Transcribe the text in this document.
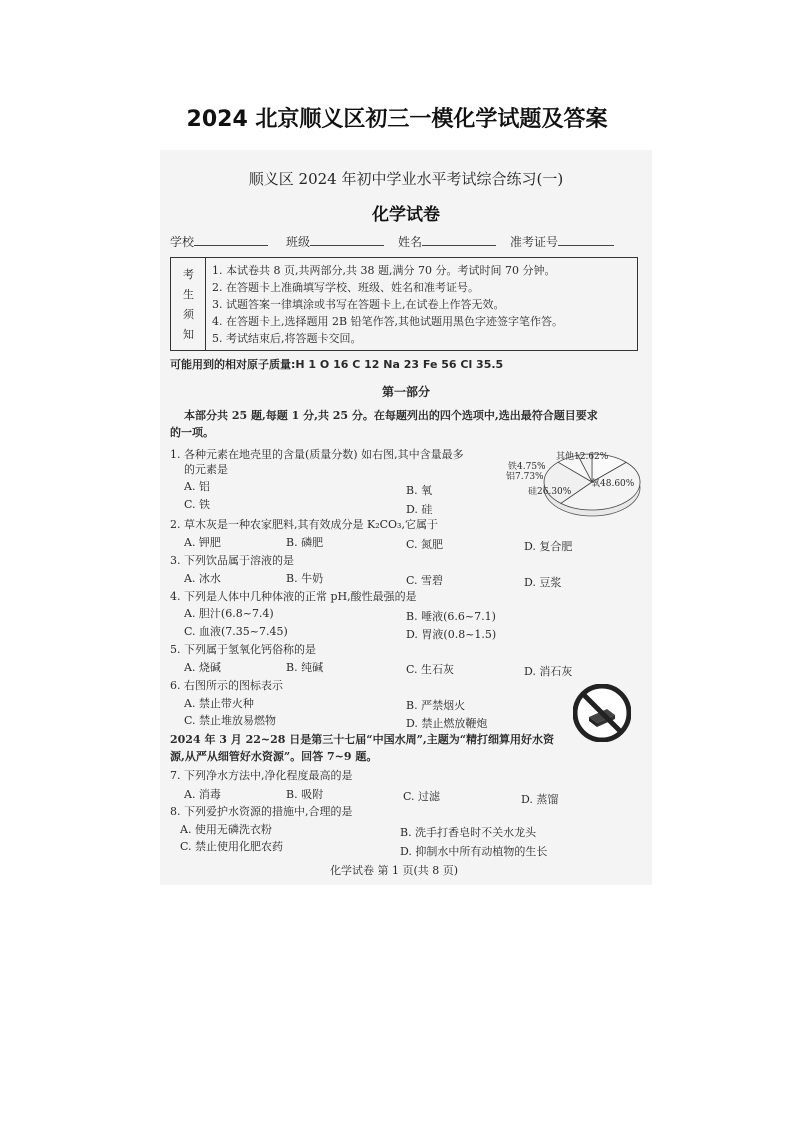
2024 北京顺义区初三一模化学试题及答案
顺义区 2024 年初中学业水平考试综合练习(一)
化学试卷
学校	班级	姓名	准考证号
考
生
须
知
1. 本试卷共 8 页,共两部分,共 38 题,满分 70 分。考试时间 70 分钟。
2. 在答题卡上准确填写学校、班级、姓名和准考证号。
3. 试题答案一律填涂或书写在答题卡上,在试卷上作答无效。
4. 在答题卡上,选择题用 2B 铅笔作答,其他试题用黑色字迹签字笔作答。
5. 考试结束后,将答题卡交回。
可能用到的相对原子质量:H 1 O 16 C 12 Na 23 Fe 56 Cl 35.5
第一部分
本部分共 25 题,每题 1 分,共 25 分。在每题列出的四个选项中,选出最符合题目要求
的一项。
1. 各种元素在地壳里的含量(质量分数) 如右图,其中含量最多
的元素是
A. 铝	B. 氧
C. 铁	D. 硅
其他12.62%
铁4.75%
铝7.73%
氧48.60%
硅26.30%
2. 草木灰是一种农家肥料,其有效成分是 K₂CO₃,它属于
A. 钾肥	B. 磷肥	C. 氮肥	D. 复合肥
3. 下列饮品属于溶液的是
A. 冰水	B. 牛奶	C. 雪碧	D. 豆浆
4. 下列是人体中几种体液的正常 pH,酸性最强的是
A. 胆汁(6.8~7.4)	B. 唾液(6.6~7.1)
C. 血液(7.35~7.45)	D. 胃液(0.8~1.5)
5. 下列属于氢氧化钙俗称的是
A. 烧碱	B. 纯碱	C. 生石灰	D. 消石灰
6. 右图所示的图标表示
A. 禁止带火种	B. 严禁烟火
C. 禁止堆放易燃物	D. 禁止燃放鞭炮
2024 年 3 月 22~28 日是第三十七届“中国水周”,主题为“精打细算用好水资
源,从严从细管好水资源”。回答 7~9 题。
7. 下列净水方法中,净化程度最高的是
A. 消毒	B. 吸附	C. 过滤	D. 蒸馏
8. 下列爱护水资源的措施中,合理的是
A. 使用无磷洗衣粉	B. 洗手打香皂时不关水龙头
C. 禁止使用化肥农药	D. 抑制水中所有动植物的生长
化学试卷 第 1 页(共 8 页)
